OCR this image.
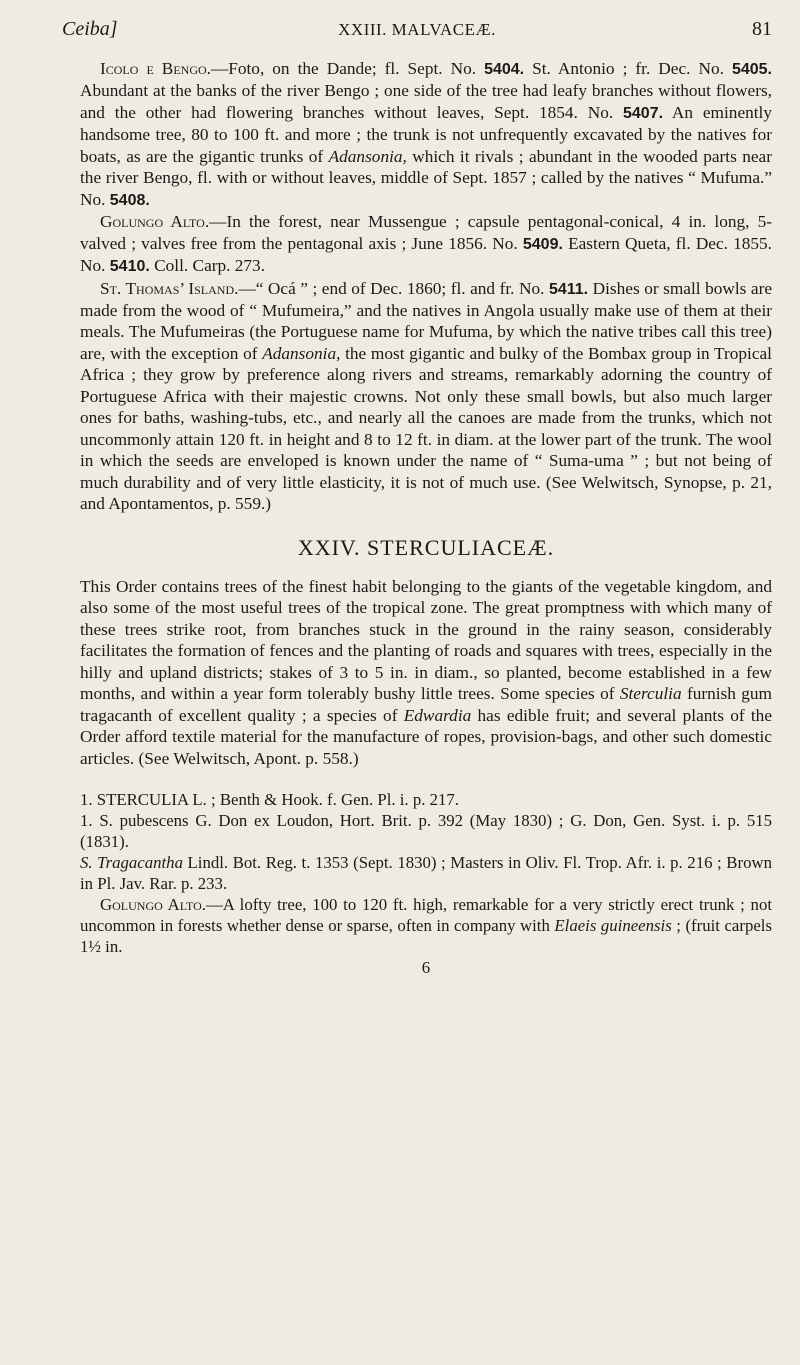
Ceiba]	XXIII. MALVACEÆ.	81

Icolo e Bengo.—Foto, on the Dande; fl. Sept. No. 5404. St. Antonio ; fr. Dec. No. 5405. Abundant at the banks of the river Bengo ; one side of the tree had leafy branches without flowers, and the other had flowering branches without leaves, Sept. 1854. No. 5407. An eminently handsome tree, 80 to 100 ft. and more ; the trunk is not unfrequently excavated by the natives for boats, as are the gigantic trunks of Adansonia, which it rivals ; abundant in the wooded parts near the river Bengo, fl. with or without leaves, middle of Sept. 1857 ; called by the natives “ Mufuma.” No. 5408.

Golungo Alto.—In the forest, near Mussengue ; capsule pentagonal-conical, 4 in. long, 5-valved ; valves free from the pentagonal axis ; June 1856. No. 5409. Eastern Queta, fl. Dec. 1855. No. 5410. Coll. Carp. 273.

St. Thomas’ Island.—“ Ocá ” ; end of Dec. 1860; fl. and fr. No. 5411. Dishes or small bowls are made from the wood of “ Mufumeira,” and the natives in Angola usually make use of them at their meals. The Mufumeiras (the Portuguese name for Mufuma, by which the native tribes call this tree) are, with the exception of Adansonia, the most gigantic and bulky of the Bombax group in Tropical Africa ; they grow by preference along rivers and streams, remarkably adorning the country of Portuguese Africa with their majestic crowns. Not only these small bowls, but also much larger ones for baths, washing-tubs, etc., and nearly all the canoes are made from the trunks, which not uncommonly attain 120 ft. in height and 8 to 12 ft. in diam. at the lower part of the trunk. The wool in which the seeds are enveloped is known under the name of “ Suma-uma ” ; but not being of much durability and of very little elasticity, it is not of much use. (See Welwitsch, Synopse, p. 21, and Apontamentos, p. 559.)

XXIV. STERCULIACEÆ.

This Order contains trees of the finest habit belonging to the giants of the vegetable kingdom, and also some of the most useful trees of the tropical zone. The great promptness with which many of these trees strike root, from branches stuck in the ground in the rainy season, considerably facilitates the formation of fences and the planting of roads and squares with trees, especially in the hilly and upland districts; stakes of 3 to 5 in. in diam., so planted, become established in a few months, and within a year form tolerably bushy little trees. Some species of Sterculia furnish gum tragacanth of excellent quality ; a species of Edwardia has edible fruit; and several plants of the Order afford textile material for the manufacture of ropes, provision-bags, and other such domestic articles. (See Welwitsch, Apont. p. 558.)

1. STERCULIA L. ; Benth & Hook. f. Gen. Pl. i. p. 217.

1. S. pubescens G. Don ex Loudon, Hort. Brit. p. 392 (May 1830) ; G. Don, Gen. Syst. i. p. 515 (1831).

S. Tragacantha Lindl. Bot. Reg. t. 1353 (Sept. 1830) ; Masters in Oliv. Fl. Trop. Afr. i. p. 216 ; Brown in Pl. Jav. Rar. p. 233.

Golungo Alto.—A lofty tree, 100 to 120 ft. high, remarkable for a very strictly erect trunk ; not uncommon in forests whether dense or sparse, often in company with Elaeis guineensis ; (fruit carpels 1½ in.

6
